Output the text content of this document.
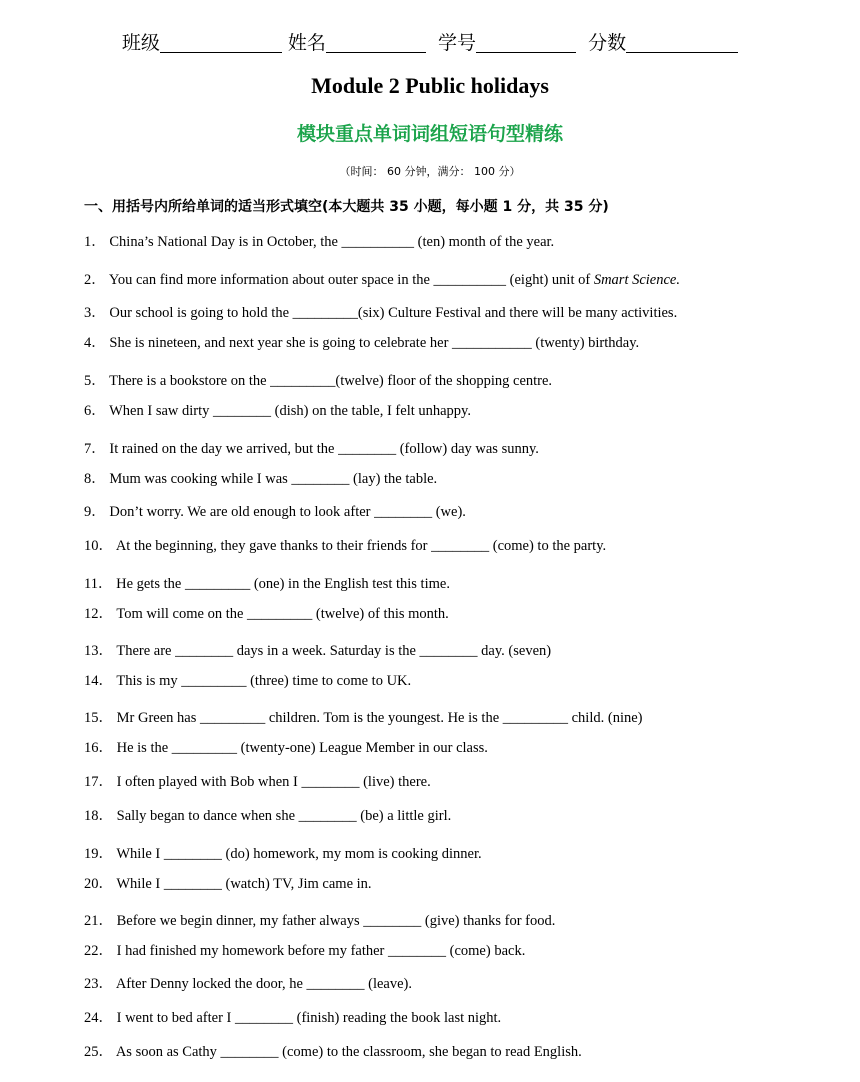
班级	姓名	学号	分数
Module 2 Public holidays
模块重点单词词组短语句型精练
（时间： 60 分钟，满分： 100 分）
一、用括号内所给单词的适当形式填空(本大题共 35 小题，每小题 1 分，共 35 分)
1． China’s National Day is in October, the __________ (ten) month of the year.
2． You can find more information about outer space in the __________ (eight) unit of Smart Science.
3． Our school is going to hold the _________(six) Culture Festival and there will be many activities.
4． She is nineteen, and next year she is going to celebrate her ___________ (twenty) birthday.
5． There is a bookstore on the _________(twelve) floor of the shopping centre.
6． When I saw dirty ________ (dish) on the table, I felt unhappy.
7． It rained on the day we arrived, but the ________ (follow) day was sunny.
8． Mum was cooking while I was ________ (lay) the table.
9． Don’t worry. We are old enough to look after ________ (we).
10． At the beginning, they gave thanks to their friends for ________ (come) to the party.
11． He gets the _________ (one) in the English test this time.
12． Tom will come on the _________ (twelve) of this month.
13． There are ________ days in a week. Saturday is the ________ day. (seven)
14． This is my _________ (three) time to come to UK.
15． Mr Green has _________ children. Tom is the youngest. He is the _________ child. (nine)
16． He is the _________ (twenty-one) League Member in our class.
17． I often played with Bob when I ________ (live) there.
18． Sally began to dance when she ________ (be) a little girl.
19． While I ________ (do) homework, my mom is cooking dinner.
20． While I ________ (watch) TV, Jim came in.
21． Before we begin dinner, my father always ________ (give) thanks for food.
22． I had finished my homework before my father ________ (come) back.
23． After Denny locked the door, he ________ (leave).
24． I went to bed after I ________ (finish) reading the book last night.
25． As soon as Cathy ________ (come) to the classroom, she began to read English.
